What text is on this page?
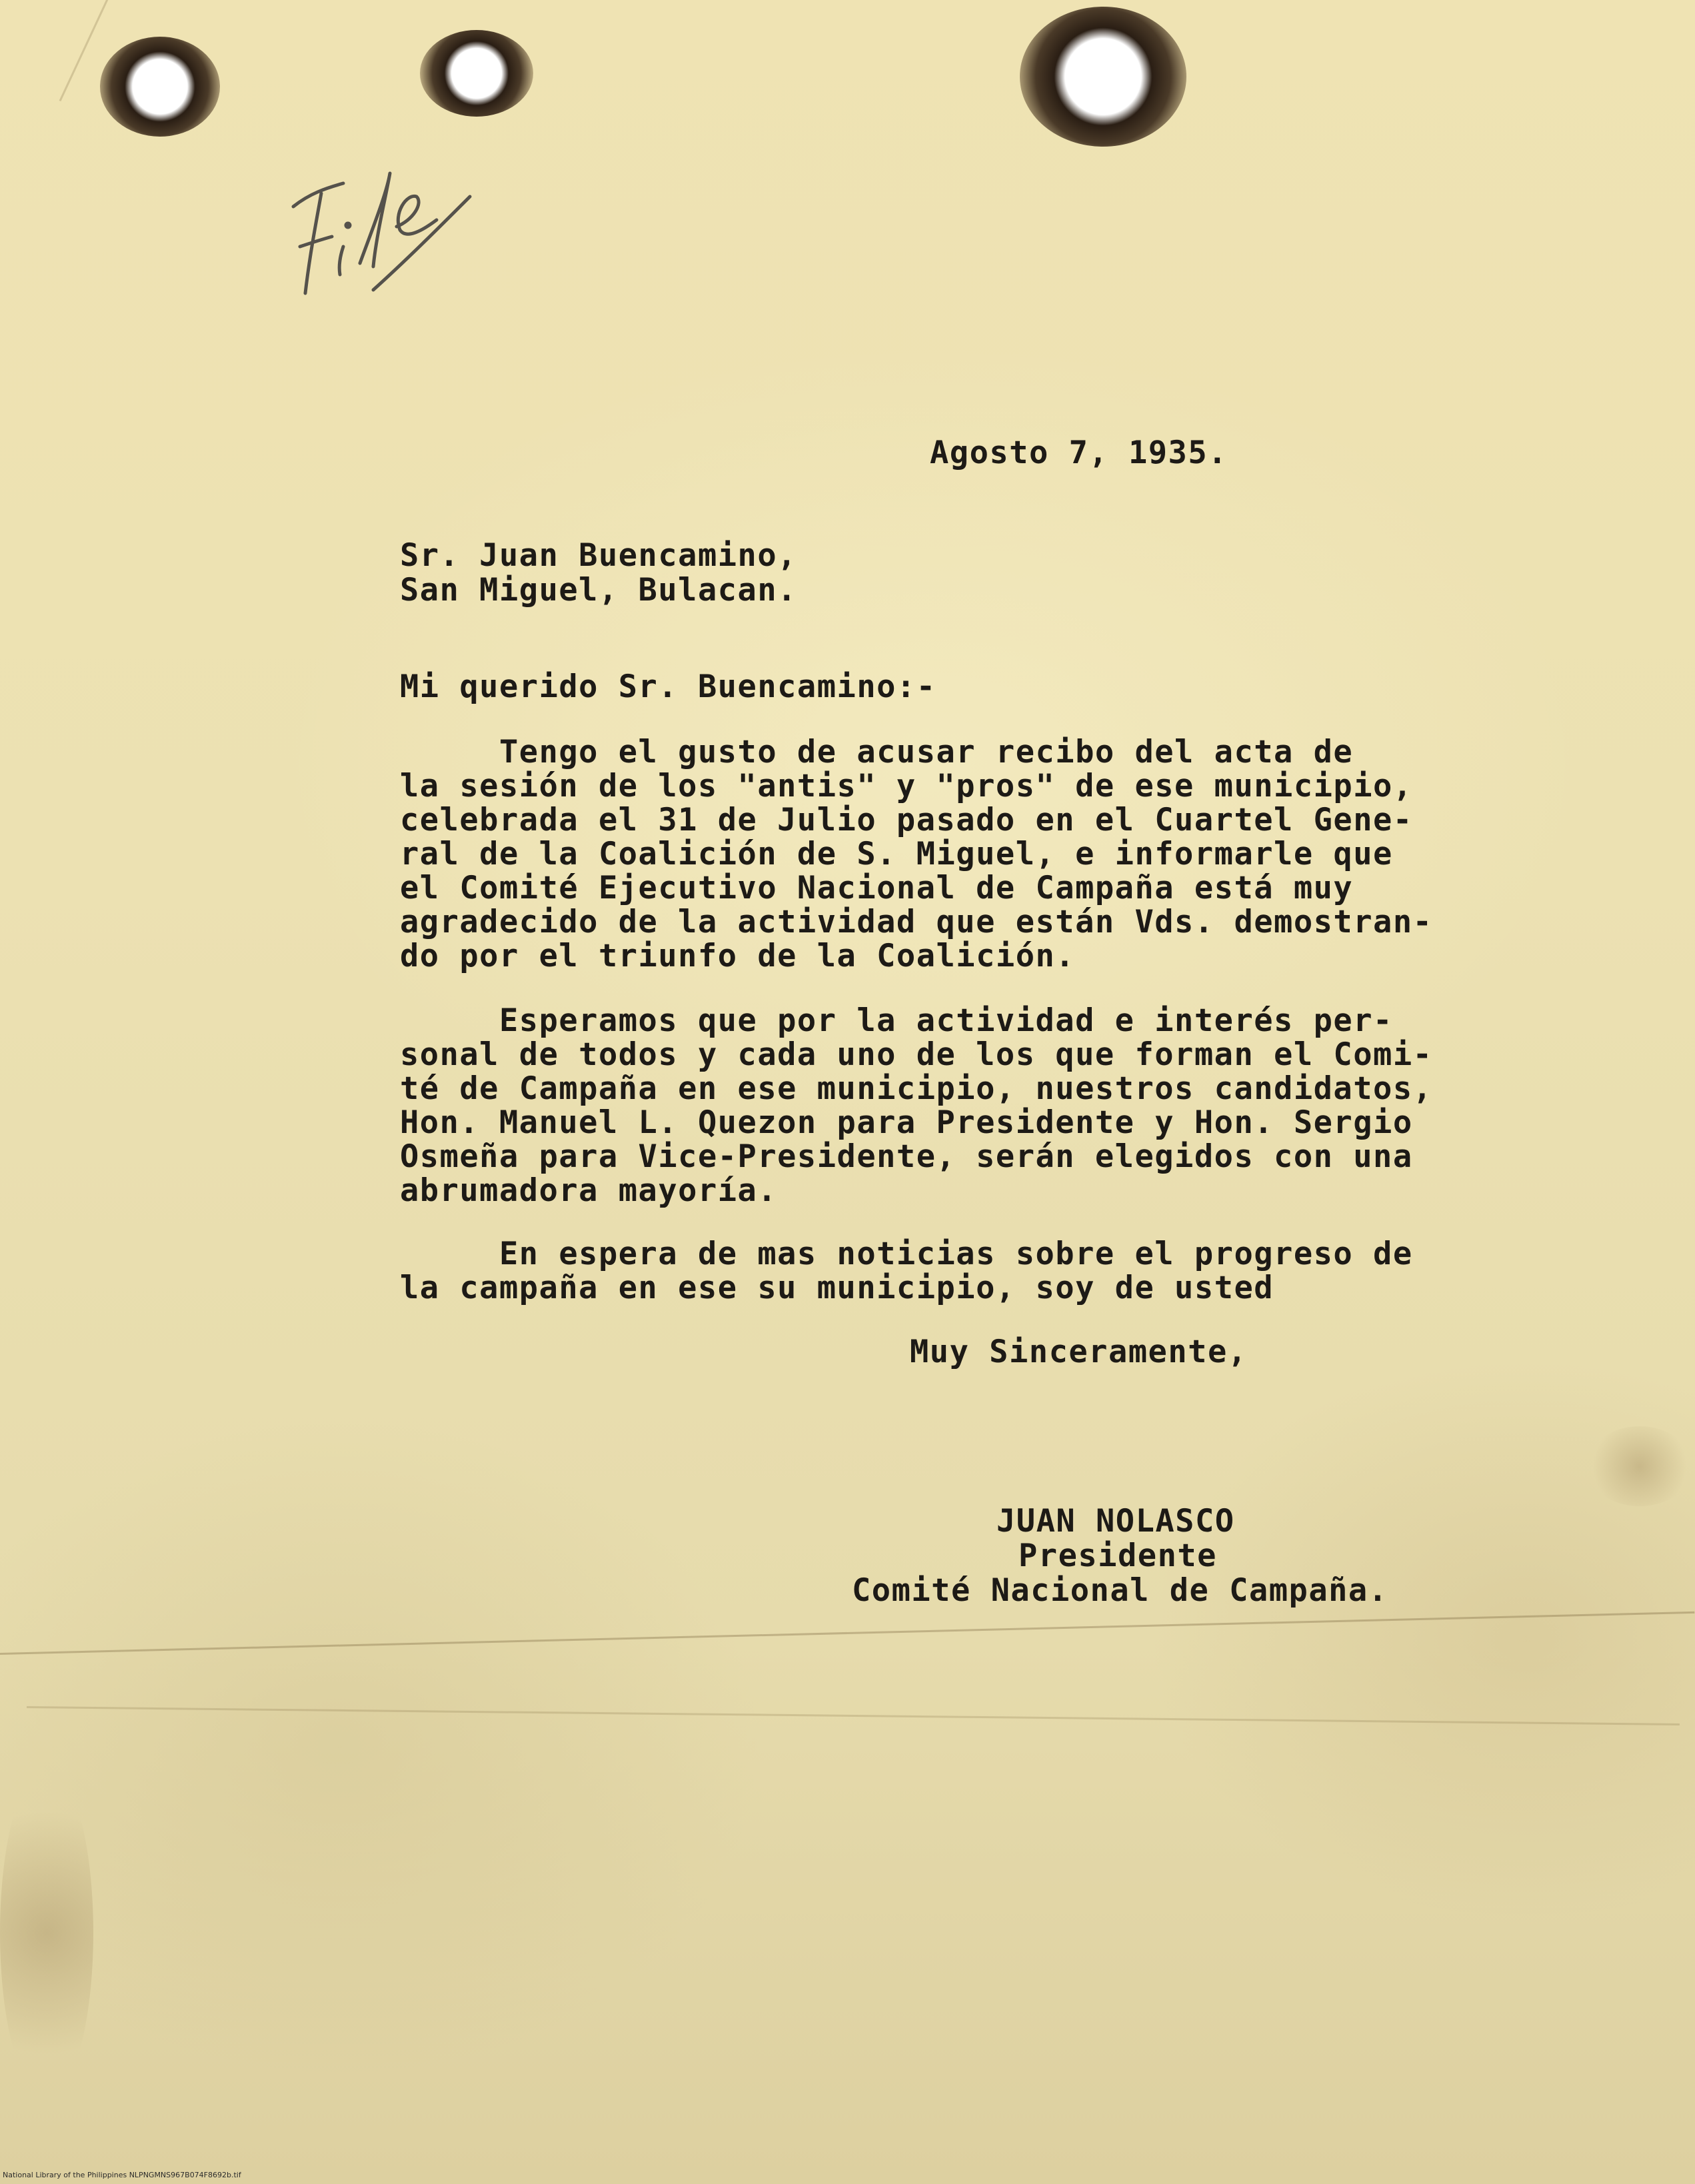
Agosto 7, 1935.
Sr. Juan Buencamino,
San Miguel, Bulacan.
Mi querido Sr. Buencamino:-
Tengo el gusto de acusar recibo del acta de
la sesión de los "antis" y "pros" de ese municipio,
celebrada el 31 de Julio pasado en el Cuartel Gene-
ral de la Coalición de S. Miguel, e informarle que
el Comité Ejecutivo Nacional de Campaña está muy
agradecido de la actividad que están Vds. demostran-
do por el triunfo de la Coalición.
Esperamos que por la actividad e interés per-
sonal de todos y cada uno de los que forman el Comi-
té de Campaña en ese municipio, nuestros candidatos,
Hon. Manuel L. Quezon para Presidente y Hon. Sergio
Osmeña para Vice-Presidente, serán elegidos con una
abrumadora mayoría.
En espera de mas noticias sobre el progreso de
la campaña en ese su municipio, soy de usted
Muy Sinceramente,
JUAN NOLASCO
Presidente
Comité Nacional de Campaña.
National Library of the Philippines NLPNGMNS967B074F8692b.tif
